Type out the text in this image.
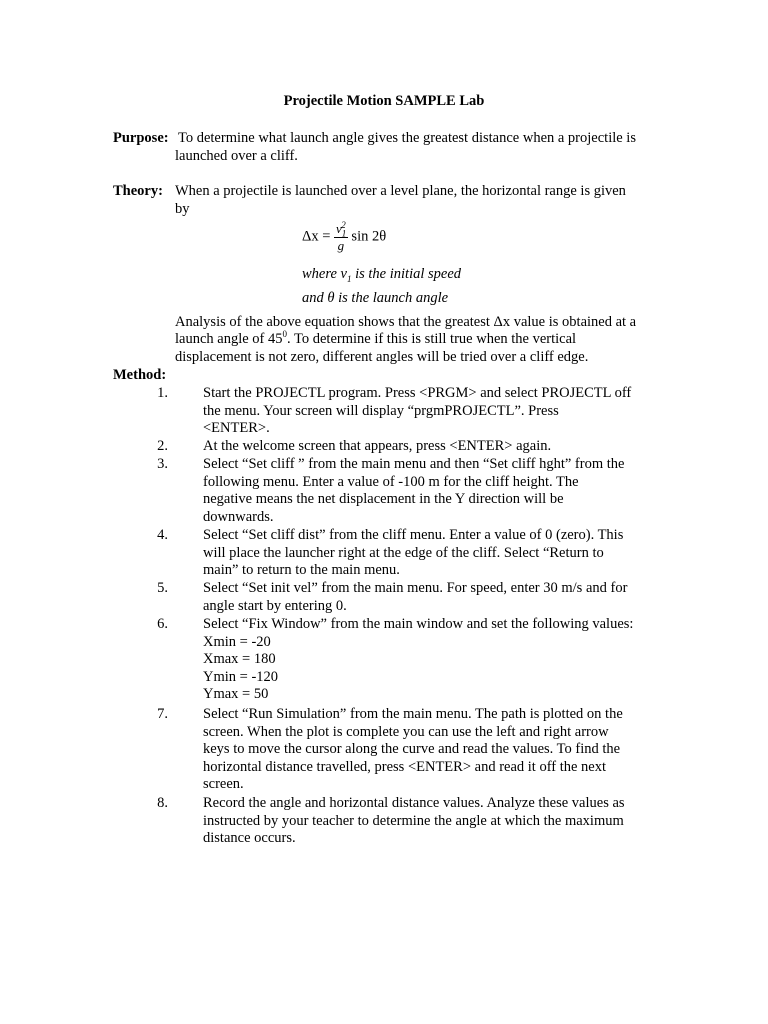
Projectile Motion SAMPLE Lab
Purpose: To determine what launch angle gives the greatest distance when a projectile is
launched over a cliff.
Theory: When a projectile is launched over a level plane, the horizontal range is given
by
$\Delta x = \frac{v_1^2}{g}$ sin 2θ
where $v_1$ is the initial speed
and θ is the launch angle
Analysis of the above equation shows that the greatest Δx value is obtained at a
launch angle of $45^0$. To determine if this is still true when the vertical
displacement is not zero, different angles will be tried over a cliff edge.
Method:
1. Start the PROJECTL program. Press <PRGM> and select PROJECTL off
the menu. Your screen will display “prgmPROJECTL”. Press
<ENTER>.
2. At the welcome screen that appears, press <ENTER> again.
3. Select “Set cliff ” from the main menu and then “Set cliff hght” from the
following menu. Enter a value of -100 m for the cliff height. The
negative means the net displacement in the Y direction will be
downwards.
4. Select “Set cliff dist” from the cliff menu. Enter a value of 0 (zero). This
will place the launcher right at the edge of the cliff. Select “Return to
main” to return to the main menu.
5. Select “Set init vel” from the main menu. For speed, enter 30 m/s and for
angle start by entering 0.
6. Select “Fix Window” from the main window and set the following values:
Xmin = -20
Xmax = 180
Ymin = -120
Ymax = 50
7. Select “Run Simulation” from the main menu. The path is plotted on the
screen. When the plot is complete you can use the left and right arrow
keys to move the cursor along the curve and read the values. To find the
horizontal distance travelled, press <ENTER> and read it off the next
screen.
8. Record the angle and horizontal distance values. Analyze these values as
instructed by your teacher to determine the angle at which the maximum
distance occurs.
